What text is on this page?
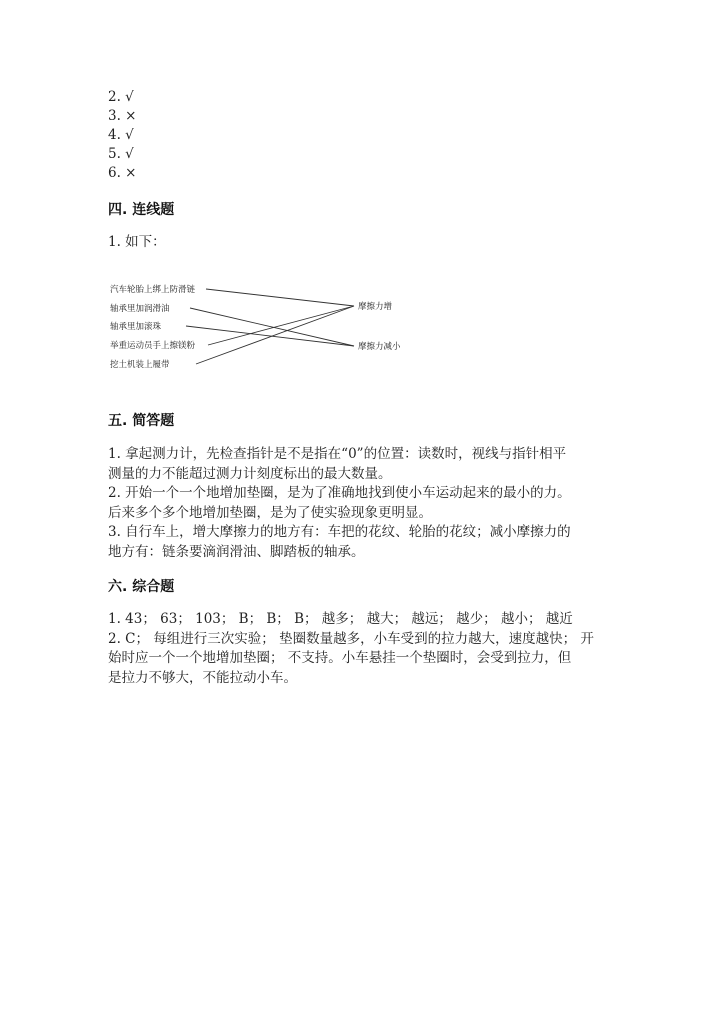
2. √
3. ×
4. √
5. √
6. ×
四. 连线题
1. 如下：
汽车轮胎上绑上防滑链
轴承里加润滑油
轴承里加滚珠
举重运动员手上擦镁粉
挖土机装上履带
摩擦力增
摩擦力减小
五. 简答题
1. 拿起测力计，先检查指针是不是指在“0”的位置：读数时，视线与指针相平
测量的力不能超过测力计刻度标出的最大数量。
2. 开始一个一个地增加垫圈，是为了准确地找到使小车运动起来的最小的力。
后来多个多个地增加垫圈，是为了使实验现象更明显。
3. 自行车上，增大摩擦力的地方有：车把的花纹、轮胎的花纹；减小摩擦力的
地方有：链条要滴润滑油、脚踏板的轴承。
六. 综合题
1. 43； 63； 103； B； B； B； 越多； 越大； 越远； 越少； 越小； 越近
2. C； 每组进行三次实验； 垫圈数量越多，小车受到的拉力越大，速度越快； 开
始时应一个一个地增加垫圈； 不支持。小车悬挂一个垫圈时，会受到拉力，但
是拉力不够大，不能拉动小车。
